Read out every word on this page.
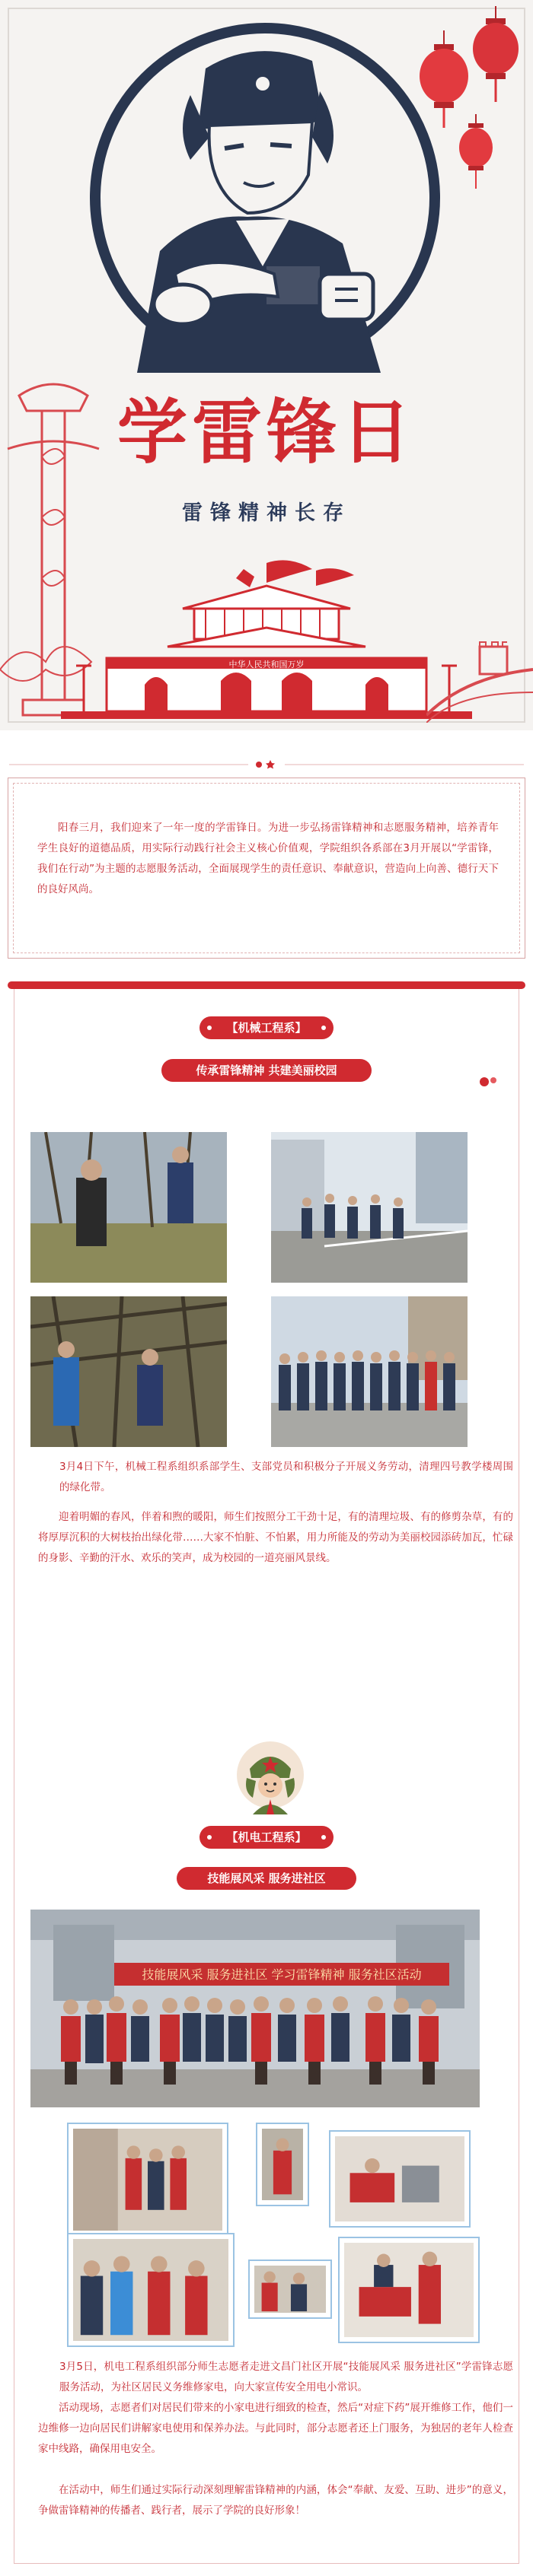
学雷锋日
雷锋精神长存
中华人民共和国万岁
阳春三月，我们迎来了一年一度的学雷锋日。为进一步弘扬雷锋精神和志愿服务精神，培养青年学生良好的道德品质，用实际行动践行社会主义核心价值观，学院组织各系部在3月开展以“学雷锋，我们在行动”为主题的志愿服务活动，全面展现学生的责任意识、奉献意识，营造向上向善、德行天下的良好风尚。
【机械工程系】
传承雷锋精神 共建美丽校园
3月4日下午，机械工程系组织系部学生、支部党员和积极分子开展义务劳动，清理四号教学楼周围的绿化带。
迎着明媚的春风，伴着和煦的暖阳，师生们按照分工干劲十足，有的清理垃圾、有的修剪杂草，有的将厚厚沉积的大树枝抬出绿化带……大家不怕脏、不怕累，用力所能及的劳动为美丽校园添砖加瓦，忙碌的身影、辛勤的汗水、欢乐的笑声，成为校园的一道亮丽风景线。
【机电工程系】
技能展风采 服务进社区
技能展风采 服务进社区 学习雷锋精神 服务社区活动
3月5日，机电工程系组织部分师生志愿者走进文昌门社区开展“技能展风采 服务进社区”学雷锋志愿服务活动，为社区居民义务维修家电，向大家宣传安全用电小常识。
活动现场，志愿者们对居民们带来的小家电进行细致的检查，然后“对症下药”展开维修工作，他们一边维修一边向居民们讲解家电使用和保养办法。与此同时，部分志愿者还上门服务，为独居的老年人检查家中线路，确保用电安全。
在活动中，师生们通过实际行动深刻理解雷锋精神的内涵，体会“奉献、友爱、互助、进步”的意义，争做雷锋精神的传播者、践行者，展示了学院的良好形象！
